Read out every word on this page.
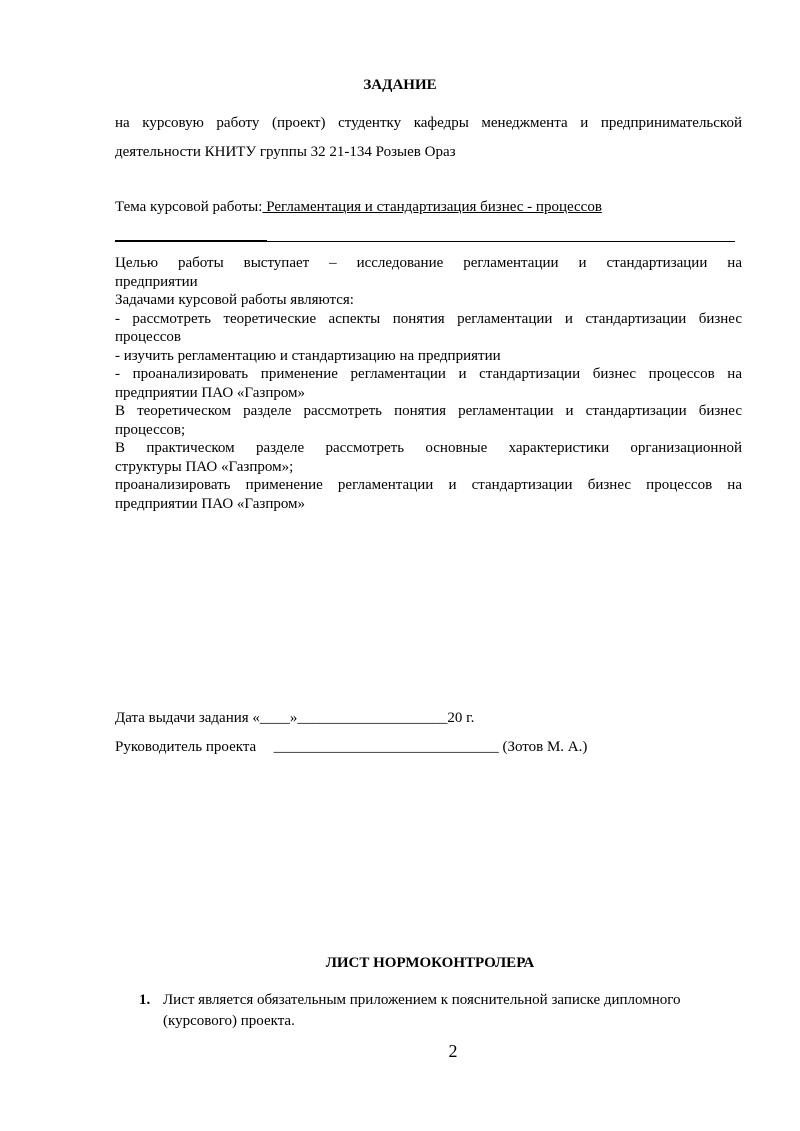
ЗАДАНИЕ
на курсовую работу (проект) студентку кафедры менеджмента и предпринимательской
деятельности КНИТУ группы 32 21-134 Розыев Ораз
Тема курсовой работы: Регламентация и стандартизация бизнес - процессов
Целью работы выступает – исследование регламентации и стандартизации на
предприятии
Задачами курсовой работы являются:
- рассмотреть теоретические аспекты понятия регламентации и стандартизации бизнес
процессов
- изучить регламентацию и стандартизацию на предприятии
- проанализировать применение регламентации и стандартизации бизнес процессов на
предприятии ПАО «Газпром»
В теоретическом разделе рассмотреть понятия регламентации и стандартизации бизнес
процессов;
В практическом разделе рассмотреть основные характеристики организационной
структуры ПАО «Газпром»;
проанализировать применение регламентации и стандартизации бизнес процессов на
предприятии ПАО «Газпром»
Дата выдачи задания «____»____________________20 г.
Руководитель проекта ______________________________ (Зотов М. А.)
ЛИСТ НОРМОКОНТРОЛЕРА
1. Лист является обязательным приложением к пояснительной записке дипломного
(курсового) проекта.
2
